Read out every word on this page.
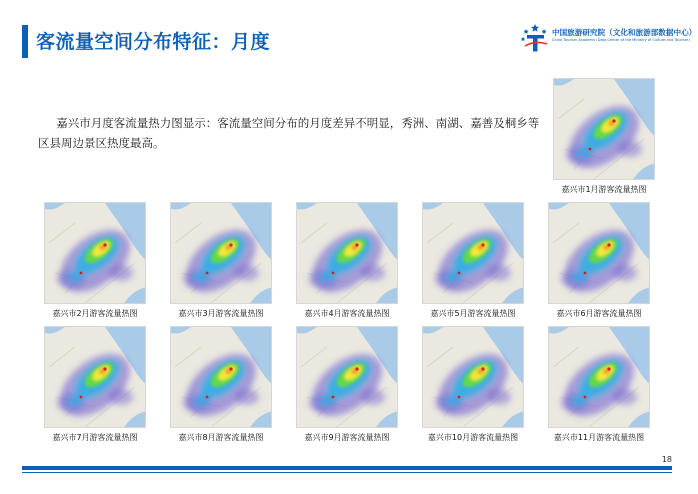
客流量空间分布特征：月度	中国旅游研究院（文化和旅游部数据中心）
China Tourism Academy (Data Center of the Ministry of Culture and Tourism)
嘉兴市月度客流量热力图显示：客流量空间分布的月度差异不明显，秀洲、南湖、嘉善及桐乡等区县周边景区热度最高。
嘉兴市1月游客流量热图
嘉兴市2月游客流量热图	嘉兴市3月游客流量热图	嘉兴市4月游客流量热图	嘉兴市5月游客流量热图	嘉兴市6月游客流量热图
嘉兴市7月游客流量热图	嘉兴市8月游客流量热图	嘉兴市9月游客流量热图	嘉兴市10月游客流量热图	嘉兴市11月游客流量热图
18
